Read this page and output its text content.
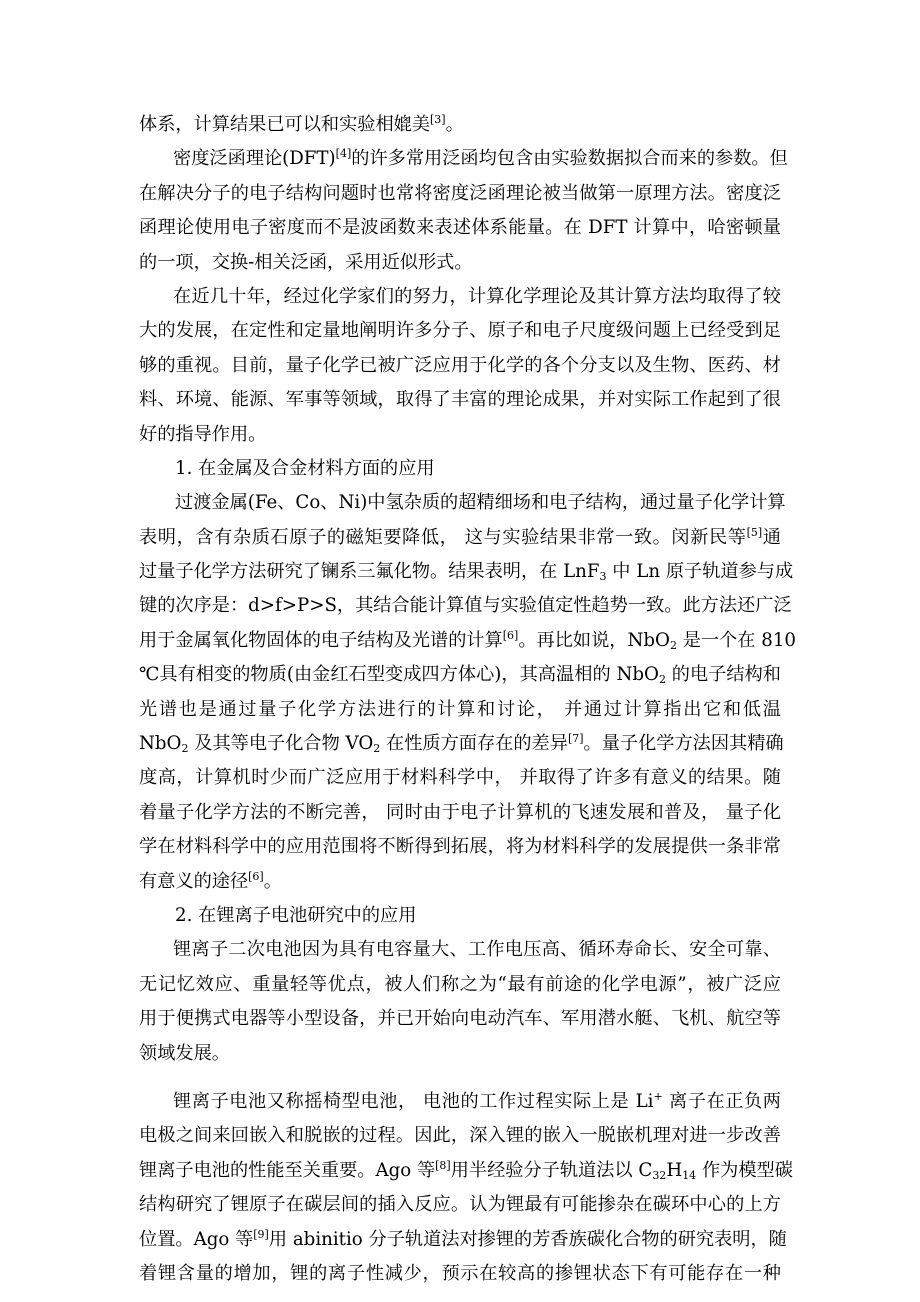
体系，计算结果已可以和实验相媲美[3]。
密度泛函理论(DFT)[4]的许多常用泛函均包含由实验数据拟合而来的参数。但
在解决分子的电子结构问题时也常将密度泛函理论被当做第一原理方法。密度泛
函理论使用电子密度而不是波函数来表述体系能量。在 DFT 计算中，哈密顿量
的一项，交换-相关泛函，采用近似形式。
在近几十年，经过化学家们的努力，计算化学理论及其计算方法均取得了较
大的发展，在定性和定量地阐明许多分子、原子和电子尺度级问题上已经受到足
够的重视。目前，量子化学已被广泛应用于化学的各个分支以及生物、医药、材
料、环境、能源、军事等领域，取得了丰富的理论成果，并对实际工作起到了很
好的指导作用。
1. 在金属及合金材料方面的应用
过渡金属(Fe、Co、Ni)中氢杂质的超精细场和电子结构，通过量子化学计算
表明，含有杂质石原子的磁矩要降低， 这与实验结果非常一致。闵新民等[5]通
过量子化学方法研究了镧系三氟化物。结果表明，在 LnF$_3$ 中 Ln 原子轨道参与成
键的次序是：d>f>P>S，其结合能计算值与实验值定性趋势一致。此方法还广泛
用于金属氧化物固体的电子结构及光谱的计算[6]。再比如说，NbO$_2$ 是一个在 810
℃具有相变的物质(由金红石型变成四方体心)，其高温相的 NbO$_2$ 的电子结构和
光谱也是通过量子化学方法进行的计算和讨论， 并通过计算指出它和低温
NbO$_2$ 及其等电子化合物 $VO_2$ 在性质方面存在的差异[7]。量子化学方法因其精确
度高，计算机时少而广泛应用于材料科学中， 并取得了许多有意义的结果。随
着量子化学方法的不断完善， 同时由于电子计算机的飞速发展和普及， 量子化
学在材料科学中的应用范围将不断得到拓展，将为材料科学的发展提供一条非常
有意义的途径[6]。
2. 在锂离子电池研究中的应用
锂离子二次电池因为具有电容量大、工作电压高、循环寿命长、安全可靠、
无记忆效应、重量轻等优点，被人们称之为“最有前途的化学电源”，被广泛应
用于便携式电器等小型设备，并已开始向电动汽车、军用潜水艇、飞机、航空等
领域发展。
锂离子电池又称摇椅型电池， 电池的工作过程实际上是 Li+ 离子在正负两
电极之间来回嵌入和脱嵌的过程。因此，深入锂的嵌入一脱嵌机理对进一步改善
锂离子电池的性能至关重要。Ago 等[8]用半经验分子轨道法以 $C_{32}H_{14}$ 作为模型碳
结构研究了锂原子在碳层间的插入反应。认为锂最有可能掺杂在碳环中心的上方
位置。Ago 等[9]用 abinitio 分子轨道法对掺锂的芳香族碳化合物的研究表明，随
着锂含量的增加，锂的离子性减少，预示在较高的掺锂状态下有可能存在一种
